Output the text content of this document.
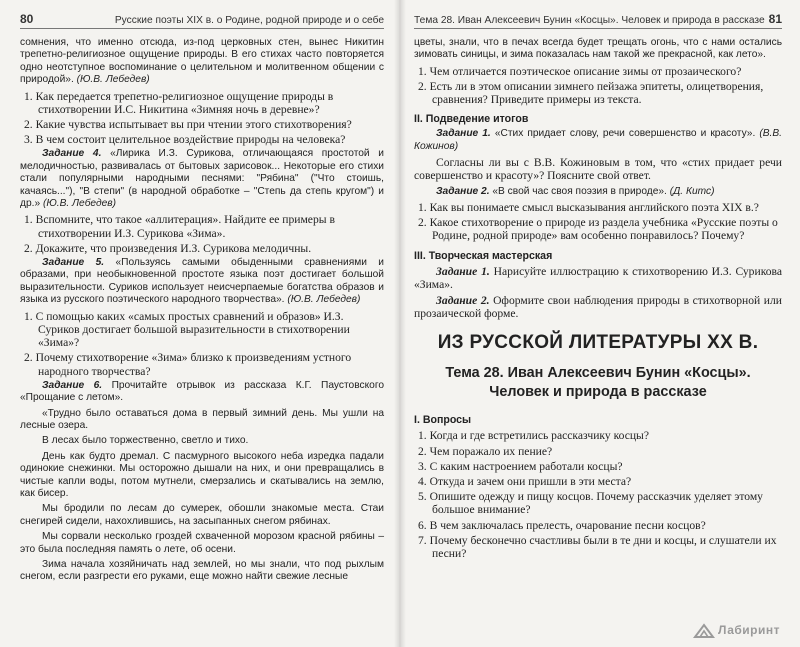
80	Русские поэты XIX в. о Родине, родной природе и о себе

сомнения, что именно отсюда, из-под церковных стен, вынес Никитин трепетно-религиозное ощущение природы. В его стихах часто повторяется одно неотступное воспоминание о целительном и молитвенном общении с природой». (Ю.В. Лебедев)

1. Как передается трепетно-религиозное ощущение природы в стихотворении И.С. Никитина «Зимняя ночь в деревне»?

2. Какие чувства испытывает вы при чтении этого стихотворения?

3. В чем состоит целительное воздействие природы на человека?

Задание 4. «Лирика И.З. Сурикова, отличающаяся простотой и мелодичностью, развивалась от бытовых зарисовок... Некоторые его стихи стали популярными народными песнями: "Рябина" ("Что стоишь, качаясь..."), "В степи" (в народной обработке – "Степь да степь кругом") и др.» (Ю.В. Лебедев)

1. Вспомните, что такое «аллитерация». Найдите ее примеры в стихотворении И.З. Сурикова «Зима».

2. Докажите, что произведения И.З. Сурикова мелодичны.

Задание 5. «Пользуясь самыми обыденными сравнениями и образами, при необыкновенной простоте языка поэт достигает большой выразительности. Суриков использует неисчерпаемые богатства образов и языка из русского поэтического народного творчества». (Ю.В. Лебедев)

1. С помощью каких «самых простых сравнений и образов» И.З. Суриков достигает большой выразительности в стихотворении «Зима»?

2. Почему стихотворение «Зима» близко к произведениям устного народного творчества?

Задание 6. Прочитайте отрывок из рассказа К.Г. Паустовского «Прощание с летом».

«Трудно было оставаться дома в первый зимний день. Мы ушли на лесные озера.

В лесах было торжественно, светло и тихо.

День как будто дремал. С пасмурного высокого неба изредка падали одинокие снежинки. Мы осторожно дышали на них, и они превращались в чистые капли воды, потом мутнели, смерзались и скатывались на землю, как бисер.

Мы бродили по лесам до сумерек, обошли знакомые места. Стаи снегирей сидели, нахохлившись, на засыпанных снегом рябинах.

Мы сорвали несколько гроздей схваченной морозом красной рябины – это была последняя память о лете, об осени.

Зима начала хозяйничать над землей, но мы знали, что под рыхлым снегом, если разгрести его руками, еще можно найти свежие лесные

Тема 28. Иван Алексеевич Бунин «Косцы». Человек и природа в рассказе 81

цветы, знали, что в печах всегда будет трещать огонь, что с нами остались зимовать синицы, и зима показалась нам такой же прекрасной, как лето».

1. Чем отличается поэтическое описание зимы от прозаического?

2. Есть ли в этом описании зимнего пейзажа эпитеты, олицетворения, сравнения? Приведите примеры из текста.

II. Подведение итогов

Задание 1. «Стих придает слову, речи совершенство и красоту». (В.В. Кожинов)

Согласны ли вы с В.В. Кожиновым в том, что «стих придает речи совершенство и красоту»? Поясните свой ответ.

Задание 2. «В свой час своя поэзия в природе». (Д. Китс)

1. Как вы понимаете смысл высказывания английского поэта XIX в.?

2. Какое стихотворение о природе из раздела учебника «Русские поэты о Родине, родной природе» вам особенно понравилось? Почему?

III. Творческая мастерская

Задание 1. Нарисуйте иллюстрацию к стихотворению И.З. Сурикова «Зима».

Задание 2. Оформите свои наблюдения природы в стихотворной или прозаической форме.

ИЗ РУССКОЙ ЛИТЕРАТУРЫ XX В.
Тема 28. Иван Алексеевич Бунин «Косцы». Человек и природа в рассказе
I. Вопросы

1. Когда и где встретились рассказчику косцы?

2. Чем поражало их пение?

3. С каким настроением работали косцы?

4. Откуда и зачем они пришли в эти места?

5. Опишите одежду и пищу косцов. Почему рассказчик уделяет этому большое внимание?

6. В чем заключалась прелесть, очарование песни косцов?

7. Почему бесконечно счастливы были в те дни и косцы, и слушатели их песни?

Лабиринт
